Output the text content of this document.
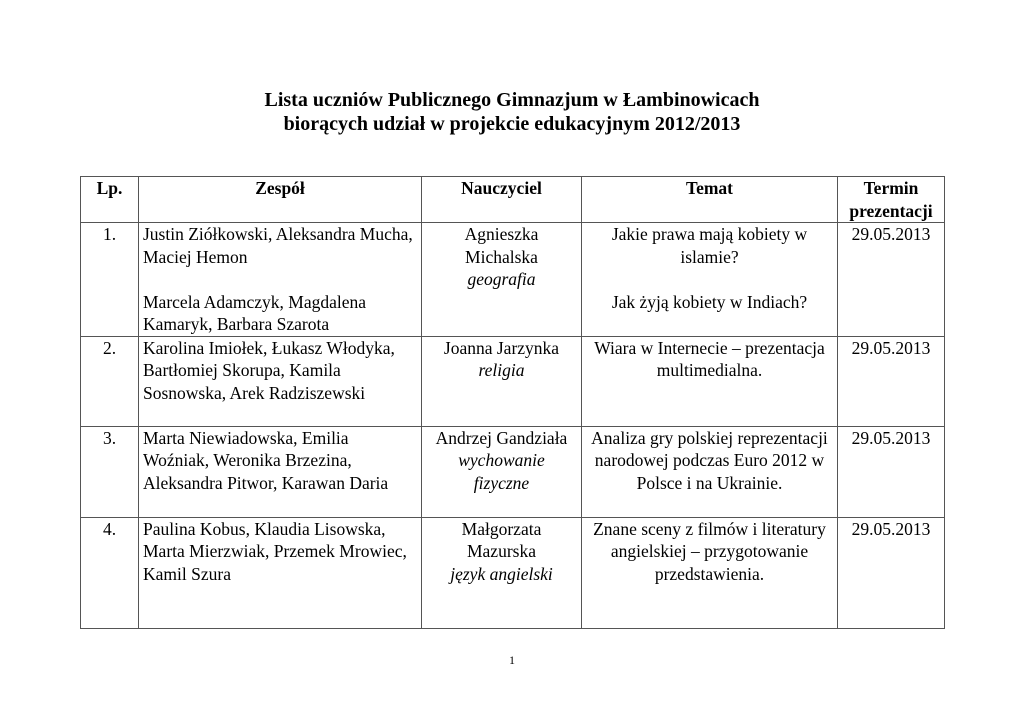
Lista uczniów Publicznego Gimnazjum w Łambinowicach
biorących udział w projekcie edukacyjnym 2012/2013
Lp.	Zespół	Nauczyciel	Temat	Termin
prezentacji

1.	Justin Ziółkowski, Aleksandra Mucha, Maciej Hemon
Marcela Adamczyk, Magdalena Kamaryk, Barbara Szarota	Agnieszka
Michalska
geografia	Jakie prawa mają kobiety w islamie?
Jak żyją kobiety w Indiach?	29.05.2013
2.	Karolina Imiołek, Łukasz Włodyka, Bartłomiej Skorupa, Kamila Sosnowska, Arek Radziszewski	Joanna Jarzynka
religia	Wiara w Internecie – prezentacja multimedialna.	29.05.2013
3.	Marta Niewiadowska, Emilia Woźniak, Weronika Brzezina, Aleksandra Pitwor, Karawan Daria	Andrzej Gandziała
wychowanie
fizyczne	Analiza gry polskiej reprezentacji narodowej podczas Euro 2012 w Polsce i na Ukrainie.	29.05.2013
4.	Paulina Kobus, Klaudia Lisowska, Marta Mierzwiak, Przemek Mrowiec, Kamil Szura	Małgorzata
Mazurska
język angielski	Znane sceny z filmów i literatury angielskiej – przygotowanie przedstawienia.	29.05.2013
1
